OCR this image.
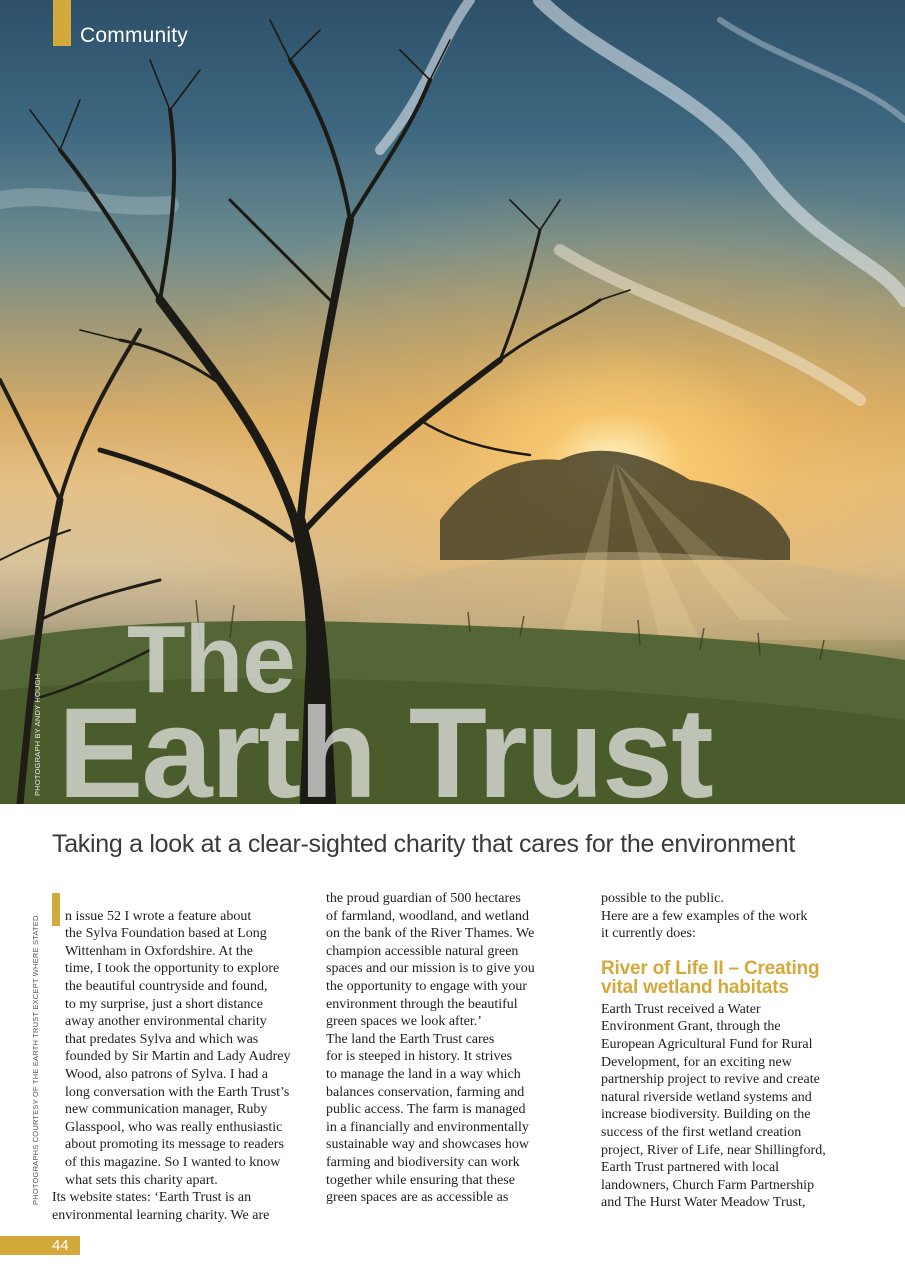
Community
PHOTOGRAPH BY ANDY HOUGH
The
Earth Trust
Taking a look at a clear-sighted charity that cares for the environment
PHOTOGRAPHS COURTESY OF THE EARTH TRUST EXCEPT WHERE STATED	n issue 52 I wrote a feature about
the Sylva Foundation based at Long
Wittenham in Oxfordshire. At the
time, I took the opportunity to explore
the beautiful countryside and found,
to my surprise, just a short distance
away another environmental charity
that predates Sylva and which was
founded by Sir Martin and Lady Audrey
Wood, also patrons of Sylva. I had a
long conversation with the Earth Trust’s
new communication manager, Ruby
Glasspool, who was really enthusiastic
about promoting its message to readers
of this magazine. So I wanted to know
what sets this charity apart.

Its website states: ‘Earth Trust is an
environmental learning charity. We are

the proud guardian of 500 hectares
of farmland, woodland, and wetland
on the bank of the River Thames. We
champion accessible natural green
spaces and our mission is to give you
the opportunity to engage with your
environment through the beautiful
green spaces we look after.’

The land the Earth Trust cares
for is steeped in history. It strives
to manage the land in a way which
balances conservation, farming and
public access. The farm is managed
in a financially and environmentally
sustainable way and showcases how
farming and biodiversity can work
together while ensuring that these
green spaces are as accessible as

possible to the public.

Here are a few examples of the work
it currently does:

River of Life II – Creating
vital wetland habitats

Earth Trust received a Water
Environment Grant, through the
European Agricultural Fund for Rural
Development, for an exciting new
partnership project to revive and create
natural riverside wetland systems and
increase biodiversity. Building on the
success of the first wetland creation
project, River of Life, near Shillingford,
Earth Trust partnered with local
landowners, Church Farm Partnership
and The Hurst Water Meadow Trust,

44
